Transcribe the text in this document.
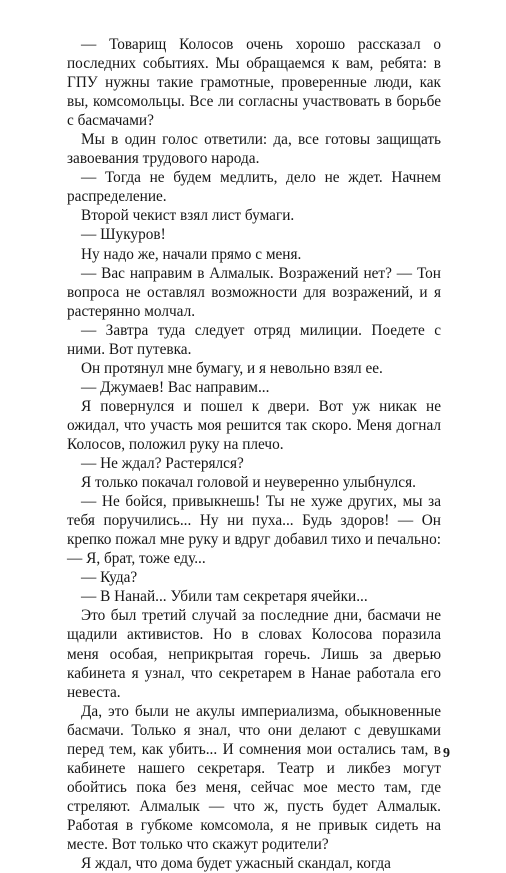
— Товарищ Колосов очень хорошо рассказал о последних событиях. Мы обращаемся к вам, ребята: в ГПУ нужны такие грамотные, проверенные люди, как вы, комсомольцы. Все ли согласны участвовать в борьбе с басмачами?

Мы в один голос ответили: да, все готовы защищать завоевания трудового народа.

— Тогда не будем медлить, дело не ждет. Начнем распределение.

Второй чекист взял лист бумаги.

— Шукуров!

Ну надо же, начали прямо с меня.

— Вас направим в Алмалык. Возражений нет? — Тон вопроса не оставлял возможности для возражений, и я растерянно молчал.

— Завтра туда следует отряд милиции. Поедете с ними. Вот путевка.

Он протянул мне бумагу, и я невольно взял ее.

— Джумаев! Вас направим...

Я повернулся и пошел к двери. Вот уж никак не ожидал, что участь моя решится так скоро. Меня догнал Колосов, положил руку на плечо.

— Не ждал? Растерялся?

Я только покачал головой и неуверенно улыбнулся.

— Не бойся, привыкнешь! Ты не хуже других, мы за тебя поручились... Ну ни пуха... Будь здоров! — Он крепко пожал мне руку и вдруг добавил тихо и печально: — Я, брат, тоже еду...

— Куда?

— В Нанай... Убили там секретаря ячейки...

Это был третий случай за последние дни, басмачи не щадили активистов. Но в словах Колосова поразила меня особая, неприкрытая горечь. Лишь за дверью кабинета я узнал, что секретарем в Нанае работала его невеста.

Да, это были не акулы империализма, обыкновенные басмачи. Только я знал, что они делают с девушками перед тем, как убить... И сомнения мои остались там, в кабинете нашего секретаря. Театр и ликбез могут обойтись пока без меня, сейчас мое место там, где стреляют. Алмалык — что ж, пусть будет Алмалык. Работая в губкоме комсомола, я не привык сидеть на месте. Вот только что скажут родители?

Я ждал, что дома будет ужасный скандал, когда

9
